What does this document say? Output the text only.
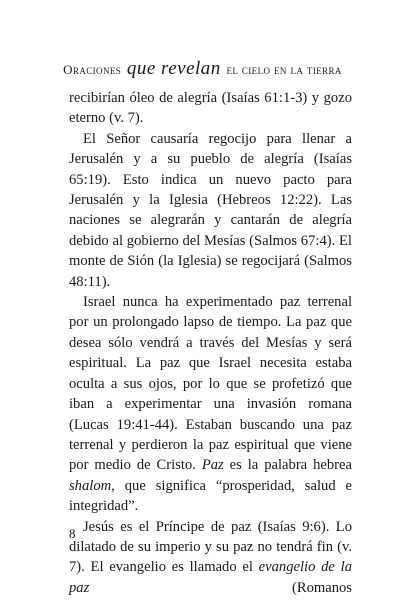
Oraciones que revelan el cielo en la tierra

recibirían óleo de alegría (Isaías 61:1-3) y gozo eterno (v. 7).

El Señor causaría regocijo para llenar a Jerusalén y a su pueblo de alegría (Isaías 65:19). Esto indica un nuevo pacto para Jerusalén y la Iglesia (Hebreos 12:22). Las naciones se alegrarán y cantarán de alegría debido al gobierno del Mesías (Salmos 67:4). El monte de Sión (la Iglesia) se regocijará (Salmos 48:11).

Israel nunca ha experimentado paz terrenal por un prolongado lapso de tiempo. La paz que desea sólo vendrá a través del Mesías y será espiritual. La paz que Israel necesita estaba oculta a sus ojos, por lo que se profetizó que iban a experimentar una invasión romana (Lucas 19:41-44). Estaban buscando una paz terrenal y perdieron la paz espiritual que viene por medio de Cristo. Paz es la palabra hebrea shalom, que significa “prosperidad, salud e integridad”.

Jesús es el Príncipe de paz (Isaías 9:6). Lo dilatado de su imperio y su paz no tendrá fin (v. 7). El evangelio es llamado el evangelio de la paz (Romanos

8
